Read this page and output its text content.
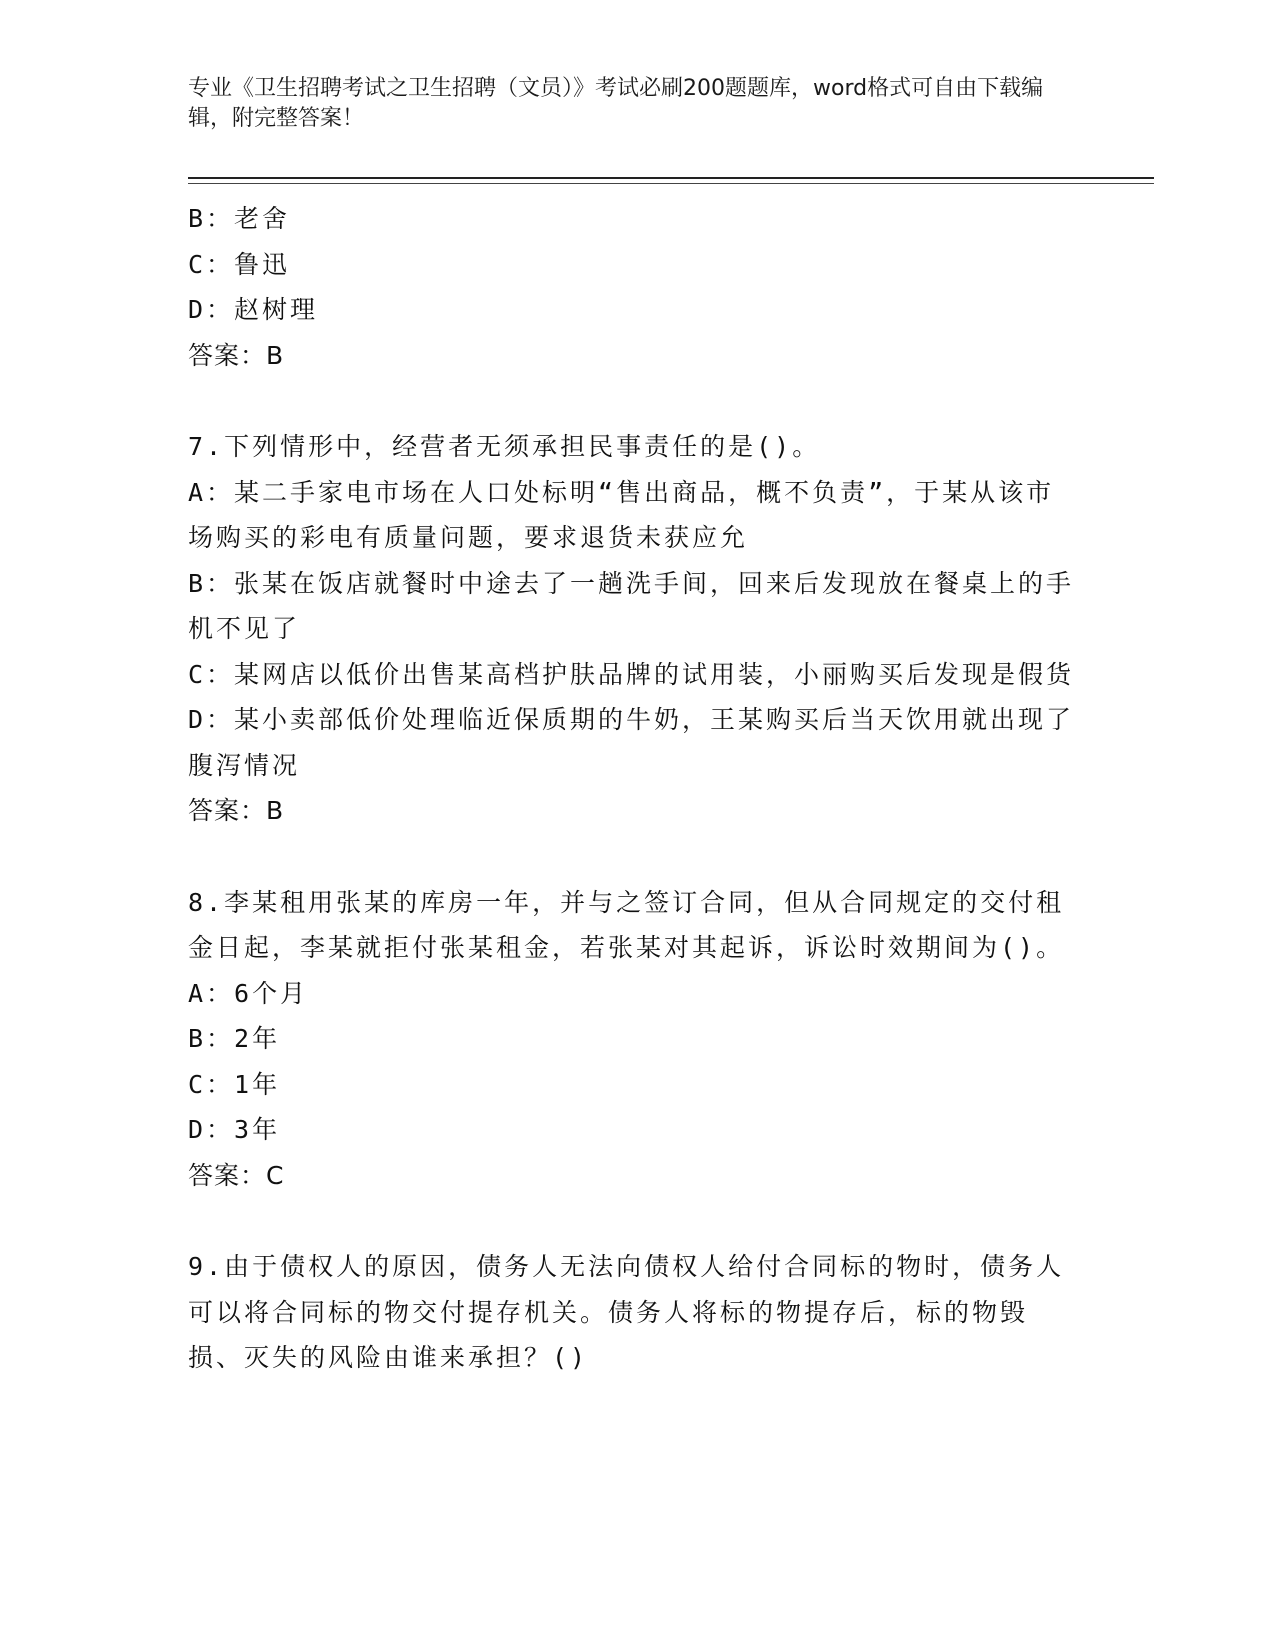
专业《卫生招聘考试之卫生招聘（文员）》考试必刷200题题库，word格式可自由下载编辑，附完整答案！

B：老舍

C：鲁迅

D：赵树理

答案：B

7.下列情形中，经营者无须承担民事责任的是()。

A：某二手家电市场在人口处标明“售出商品，概不负责”，于某从该市场购买的彩电有质量问题，要求退货未获应允

B：张某在饭店就餐时中途去了一趟洗手间，回来后发现放在餐桌上的手机不见了

C：某网店以低价出售某高档护肤品牌的试用装，小丽购买后发现是假货

D：某小卖部低价处理临近保质期的牛奶，王某购买后当天饮用就出现了腹泻情况

答案：B

8.李某租用张某的库房一年，并与之签订合同，但从合同规定的交付租金日起，李某就拒付张某租金，若张某对其起诉，诉讼时效期间为()。

A：6个月

B：2年

C：1年

D：3年

答案：C

9.由于债权人的原因，债务人无法向债权人给付合同标的物时，债务人可以将合同标的物交付提存机关。债务人将标的物提存后，标的物毁损、灭失的风险由谁来承担？()
